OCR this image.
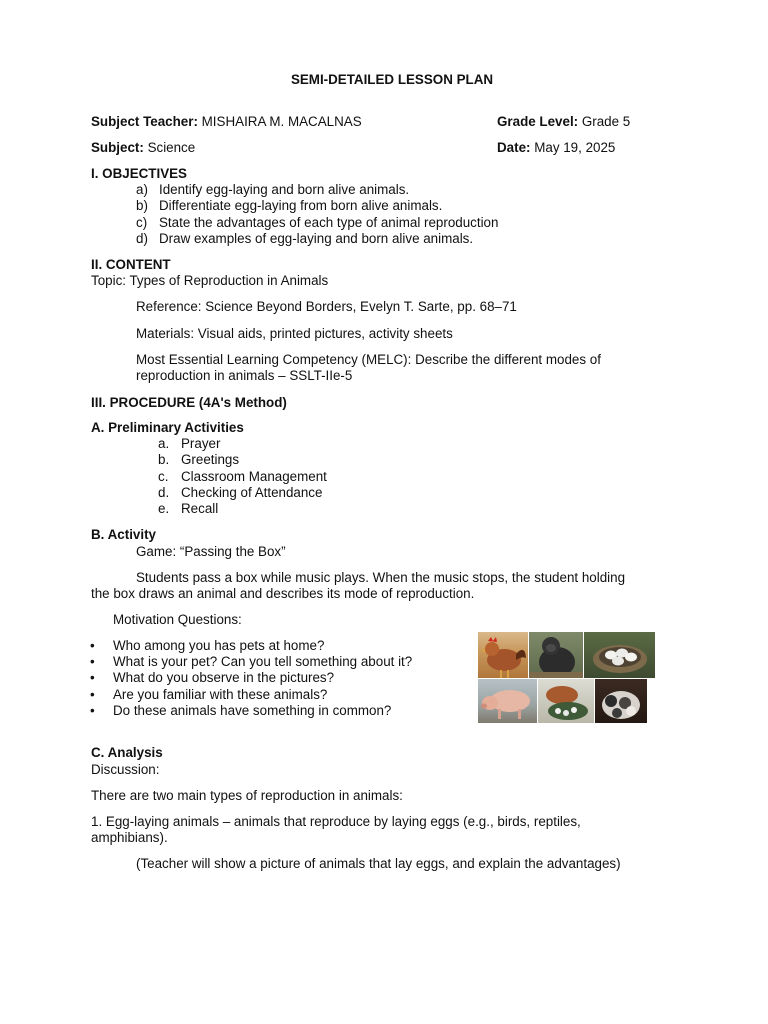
SEMI-DETAILED LESSON PLAN
Subject Teacher: MISHAIRA M. MACALNAS	Grade Level: Grade 5
Subject: Science	Date: May 19, 2025
I. OBJECTIVES
a) Identify egg-laying and born alive animals.
b) Differentiate egg-laying from born alive animals.
c) State the advantages of each type of animal reproduction
d) Draw examples of egg-laying and born alive animals.
II. CONTENT
Topic: Types of Reproduction in Animals
Reference: Science Beyond Borders, Evelyn T. Sarte, pp. 68–71
Materials: Visual aids, printed pictures, activity sheets
Most Essential Learning Competency (MELC): Describe the different modes of
reproduction in animals – SSLT-IIe-5
III. PROCEDURE (4A's Method)
A. Preliminary Activities
a. Prayer
b. Greetings
c. Classroom Management
d. Checking of Attendance
e. Recall
B. Activity
Game: “Passing the Box”
Students pass a box while music plays. When the music stops, the student holding
the box draws an animal and describes its mode of reproduction.
Motivation Questions:
• Who among you has pets at home?
• What is your pet? Can you tell something about it?
• What do you observe in the pictures?
• Are you familiar with these animals?
• Do these animals have something in common?
C. Analysis
Discussion:
There are two main types of reproduction in animals:
1. Egg-laying animals – animals that reproduce by laying eggs (e.g., birds, reptiles,
amphibians).
(Teacher will show a picture of animals that lay eggs, and explain the advantages)
